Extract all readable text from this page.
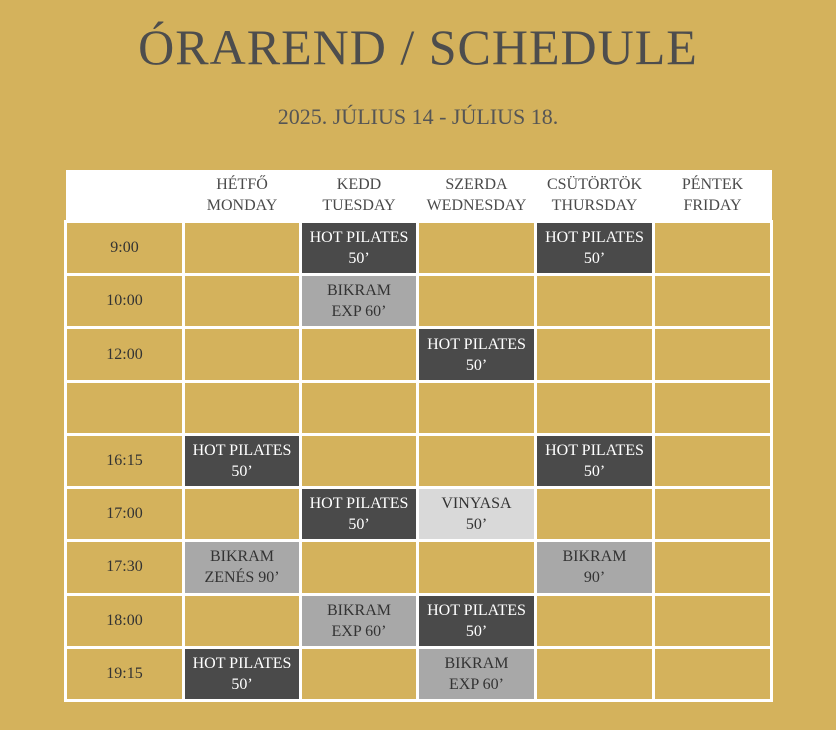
ÓRAREND / SCHEDULE
2025. JÚLIUS 14 - JÚLIUS 18.

	HÉTFŐ
MONDAY	KEDD
TUESDAY	SZERDA
WEDNESDAY	CSÜTÖRTÖK
THURSDAY	PÉNTEK
FRIDAY

9:00		HOT PILATES
50’		HOT PILATES
50’	

10:00		BIKRAM
EXP 60’			

12:00			HOT PILATES
50’		

16:15	HOT PILATES
50’			HOT PILATES
50’	

17:00		HOT PILATES
50’	VINYASA
50’		

17:30	BIKRAM
ZENÉS 90’			BIKRAM
90’	

18:00		BIKRAM
EXP 60’	HOT PILATES
50’		

19:15	HOT PILATES
50’		BIKRAM
EXP 60’		
